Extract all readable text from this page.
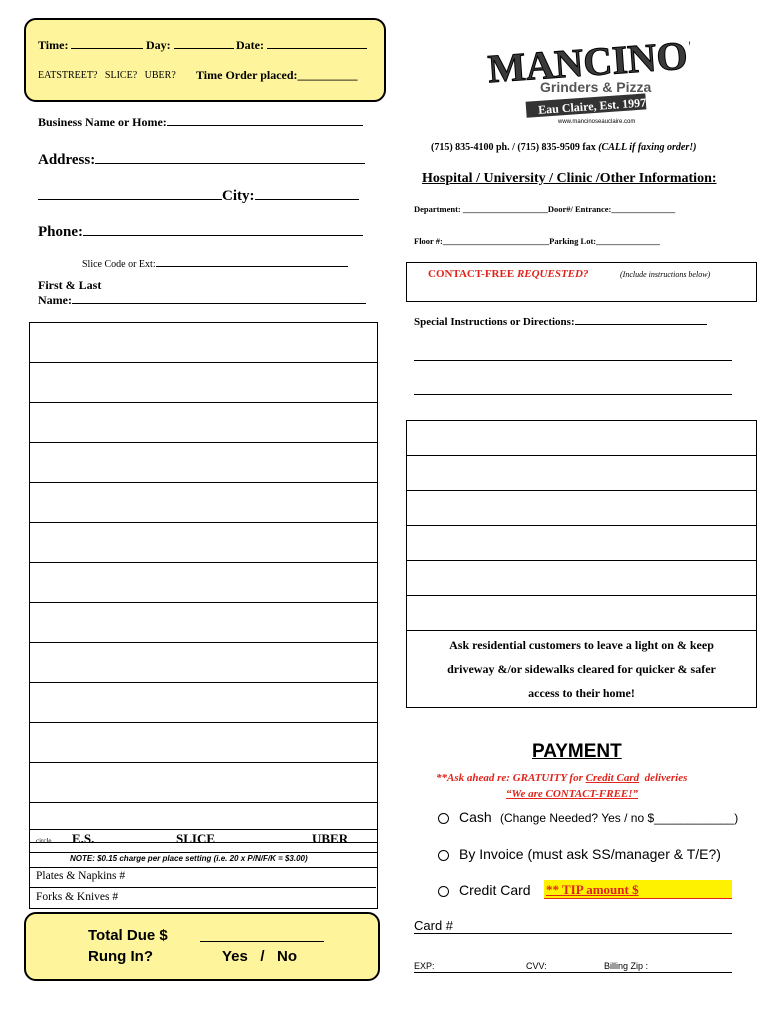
Time:	Day:	Date:
EATSTREET?   SLICE?   UBER? Time Order placed:__________	MANCINO's
Grinders & Pizza
Eau Claire, Est. 1997
www.mancinoseauclaire.com
Business Name or Home:
Address:
City:
Phone:
Slice Code or Ext:
First & Last
Name:
(715) 835-4100 ph. / (715) 835-9509 fax (CALL if faxing order!)
Hospital / University / Clinic /Other Information:
Department: ____________________Door#/ Entrance:_______________
Floor #:_________________________Parking Lot:_______________
CONTACT-FREE REQUESTED?	(Include instructions below)
Special Instructions or Directions:
circle E.S.	SLICE	UBER
NOTE: $0.15 charge per place setting (i.e. 20 x P/N/F/K = $3.00)
Plates & Napkins #
Forks & Knives #
Total Due $
Rung In?	Yes   /   No
Ask residential customers to leave a light on & keep
driveway &/or sidewalks cleared for quicker & safer
access to their home!
PAYMENT
**Ask ahead re: GRATUITY for Credit Card  deliveries
“We are CONTACT-FREE!”
Cash (Change Needed? Yes / no $____________)
By Invoice (must ask SS/manager & T/E?)
Credit Card ** TIP amount $
Card #
EXP:	CVV:	Billing Zip :
